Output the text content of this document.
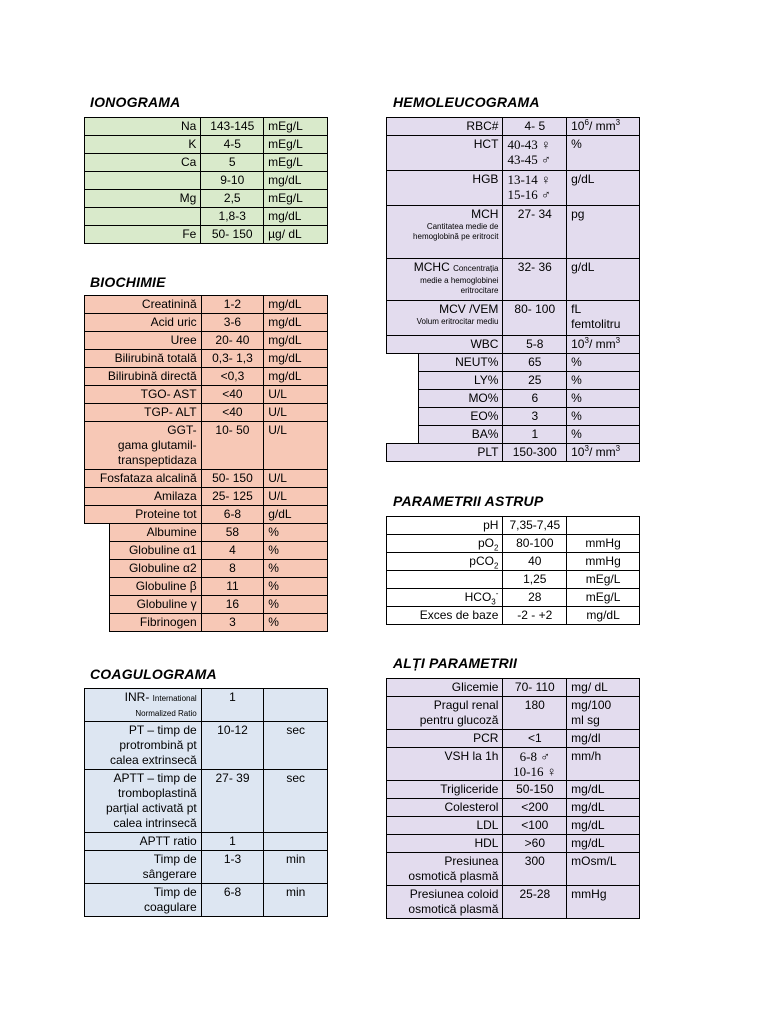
IONOGRAMA
Na	143-145	mEg/L
K	4-5	mEg/L
Ca	5	mEg/L
	9-10	mg/dL
Mg	2,5	mEg/L
	1,8-3	mg/dL
Fe	50- 150	µg/ dL
BIOCHIMIE
Creatinină		1-2	mg/dL
Acid uric		3-6	mg/dL
Uree		20- 40	mg/dL
Bilirubină totală		0,3- 1,3	mg/dL
Bilirubină directă		<0,3	mg/dL
TGO- AST		<40	U/L
TGP- ALT		<40	U/L
GGT-
gama glutamil-
transpeptidaza		10- 50	U/L
Fosfataza alcalină		50- 150	U/L
Amilaza		25- 125	U/L
Proteine tot		6-8	g/dL
	Albumine	58	%
	Globuline α1	4	%
	Globuline α2	8	%
	Globuline β	11	%
	Globuline γ	16	%
	Fibrinogen	3	%
COAGULOGRAMA
INR- International Normalized Ratio	1	
PT – timp de
protrombină pt
calea extrinsecă	10-12	sec
APTT – timp de
tromboplastină
parțial activată pt
calea intrinsecă	27- 39	sec
APTT ratio	1	
Timp de
sângerare	1-3	min
Timp de
coagulare	6-8	min
HEMOLEUCOGRAMA
RBC#		4- 5	$10^6/$ $mm^3$
HCT		40-43 ♀
43-45 ♂	%
HGB		13-14 ♀
15-16 ♂	g/dL
MCH
Cantitatea medie de hemoglobină pe eritrocit		27- 34	pg
MCHC Concentrația
medie a hemoglobinei eritrocitare		32- 36	g/dL
MCV /VEM
Volum eritrocitar mediu		80- 100	fL
femtolitru
WBC		5-8	$10^3/$ $mm^3$
	NEUT%	65	%
	LY%	25	%
	MO%	6	%
	EO%	3	%
	BA%	1	%
PLT		150-300	$10^3/$ $mm^3$
PARAMETRII ASTRUP
pH	7,35-7,45	
$pO_2$	80-100	mmHg
pCO$_2$	40	mmHg
	1,25	mEg/L
$HCO_3^-$	28	mEg/L
Exces de baze	-2 - +2	mg/dL
ALȚI PARAMETRII
Glicemie	70- 110	mg/ dL
Pragul renal
pentru glucoză	180	mg/100
ml sg
PCR	<1	mg/dl
VSH la 1h	6-8 ♂
10-16 ♀	mm/h
Trigliceride	50-150	mg/dL
Colesterol	<200	mg/dL
LDL	<100	mg/dL
HDL	>60	mg/dL
Presiunea
osmotică plasmă	300	mOsm/L
Presiunea coloid
osmotică plasmă	25-28	mmHg
